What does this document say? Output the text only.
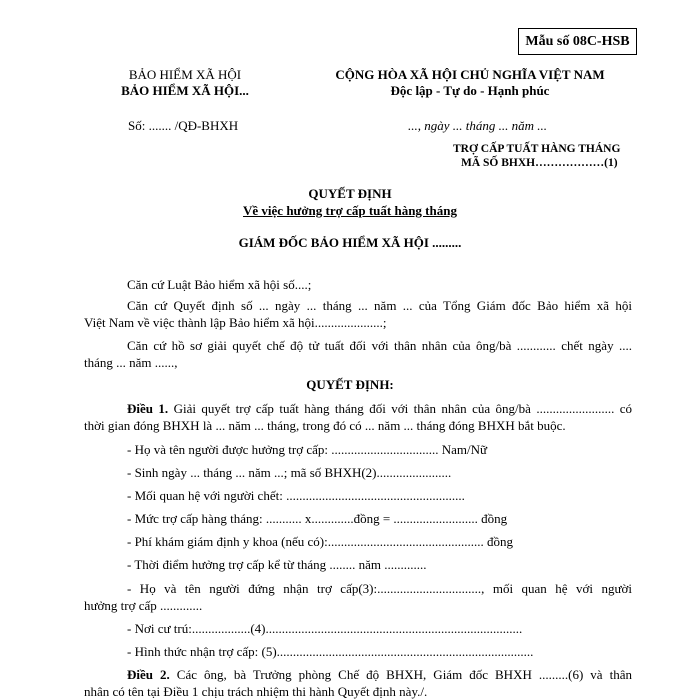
Mẫu số 08C-HSB
BẢO HIỂM XÃ HỘI
BẢO HIỂM XÃ HỘI...
Số: ....... /QĐ-BHXH
CỘNG HÒA XÃ HỘI CHỦ NGHĨA VIỆT NAM
Độc lập - Tự do - Hạnh phúc
..., ngày ... tháng ... năm ...
TRỢ CẤP TUẤT HÀNG THÁNG
MÃ SỐ BHXH………………(1)
QUYẾT ĐỊNH
Về việc hưởng trợ cấp tuất hàng tháng
GIÁM ĐỐC BẢO HIỂM XÃ HỘI .........
Căn cứ Luật Bảo hiểm xã hội số....;
Căn cứ Quyết định số ... ngày ... tháng ... năm ... của Tổng Giám đốc Bảo hiểm xã hội
Việt Nam về việc thành lập Bảo hiểm xã hội.....................;
Căn cứ hồ sơ giải quyết chế độ tử tuất đối với thân nhân của ông/bà ............ chết ngày ....
tháng ... năm ......,
QUYẾT ĐỊNH:
Điều 1. Giải quyết trợ cấp tuất hàng tháng đối với thân nhân của ông/bà ........................ có
thời gian đóng BHXH là ... năm ... tháng, trong đó có ... năm ... tháng đóng BHXH bắt buộc.
- Họ và tên người được hưởng trợ cấp: ................................. Nam/Nữ
- Sinh ngày ... tháng ... năm ...; mã số BHXH(2).......................
- Mối quan hệ với người chết: .......................................................
- Mức trợ cấp hàng tháng: ........... x.............đồng = .......................... đồng
- Phí khám giám định y khoa (nếu có):................................................ đồng
- Thời điểm hưởng trợ cấp kể từ tháng ........ năm .............
- Họ và tên người đứng nhận trợ cấp(3):................................, mối quan hệ với người
hưởng trợ cấp .............
- Nơi cư trú:..................(4)...............................................................................
- Hình thức nhận trợ cấp: (5)...............................................................................
Điều 2. Các ông, bà Trưởng phòng Chế độ BHXH, Giám đốc BHXH .........(6) và thân
nhân có tên tại Điều 1 chịu trách nhiệm thi hành Quyết định này./.
